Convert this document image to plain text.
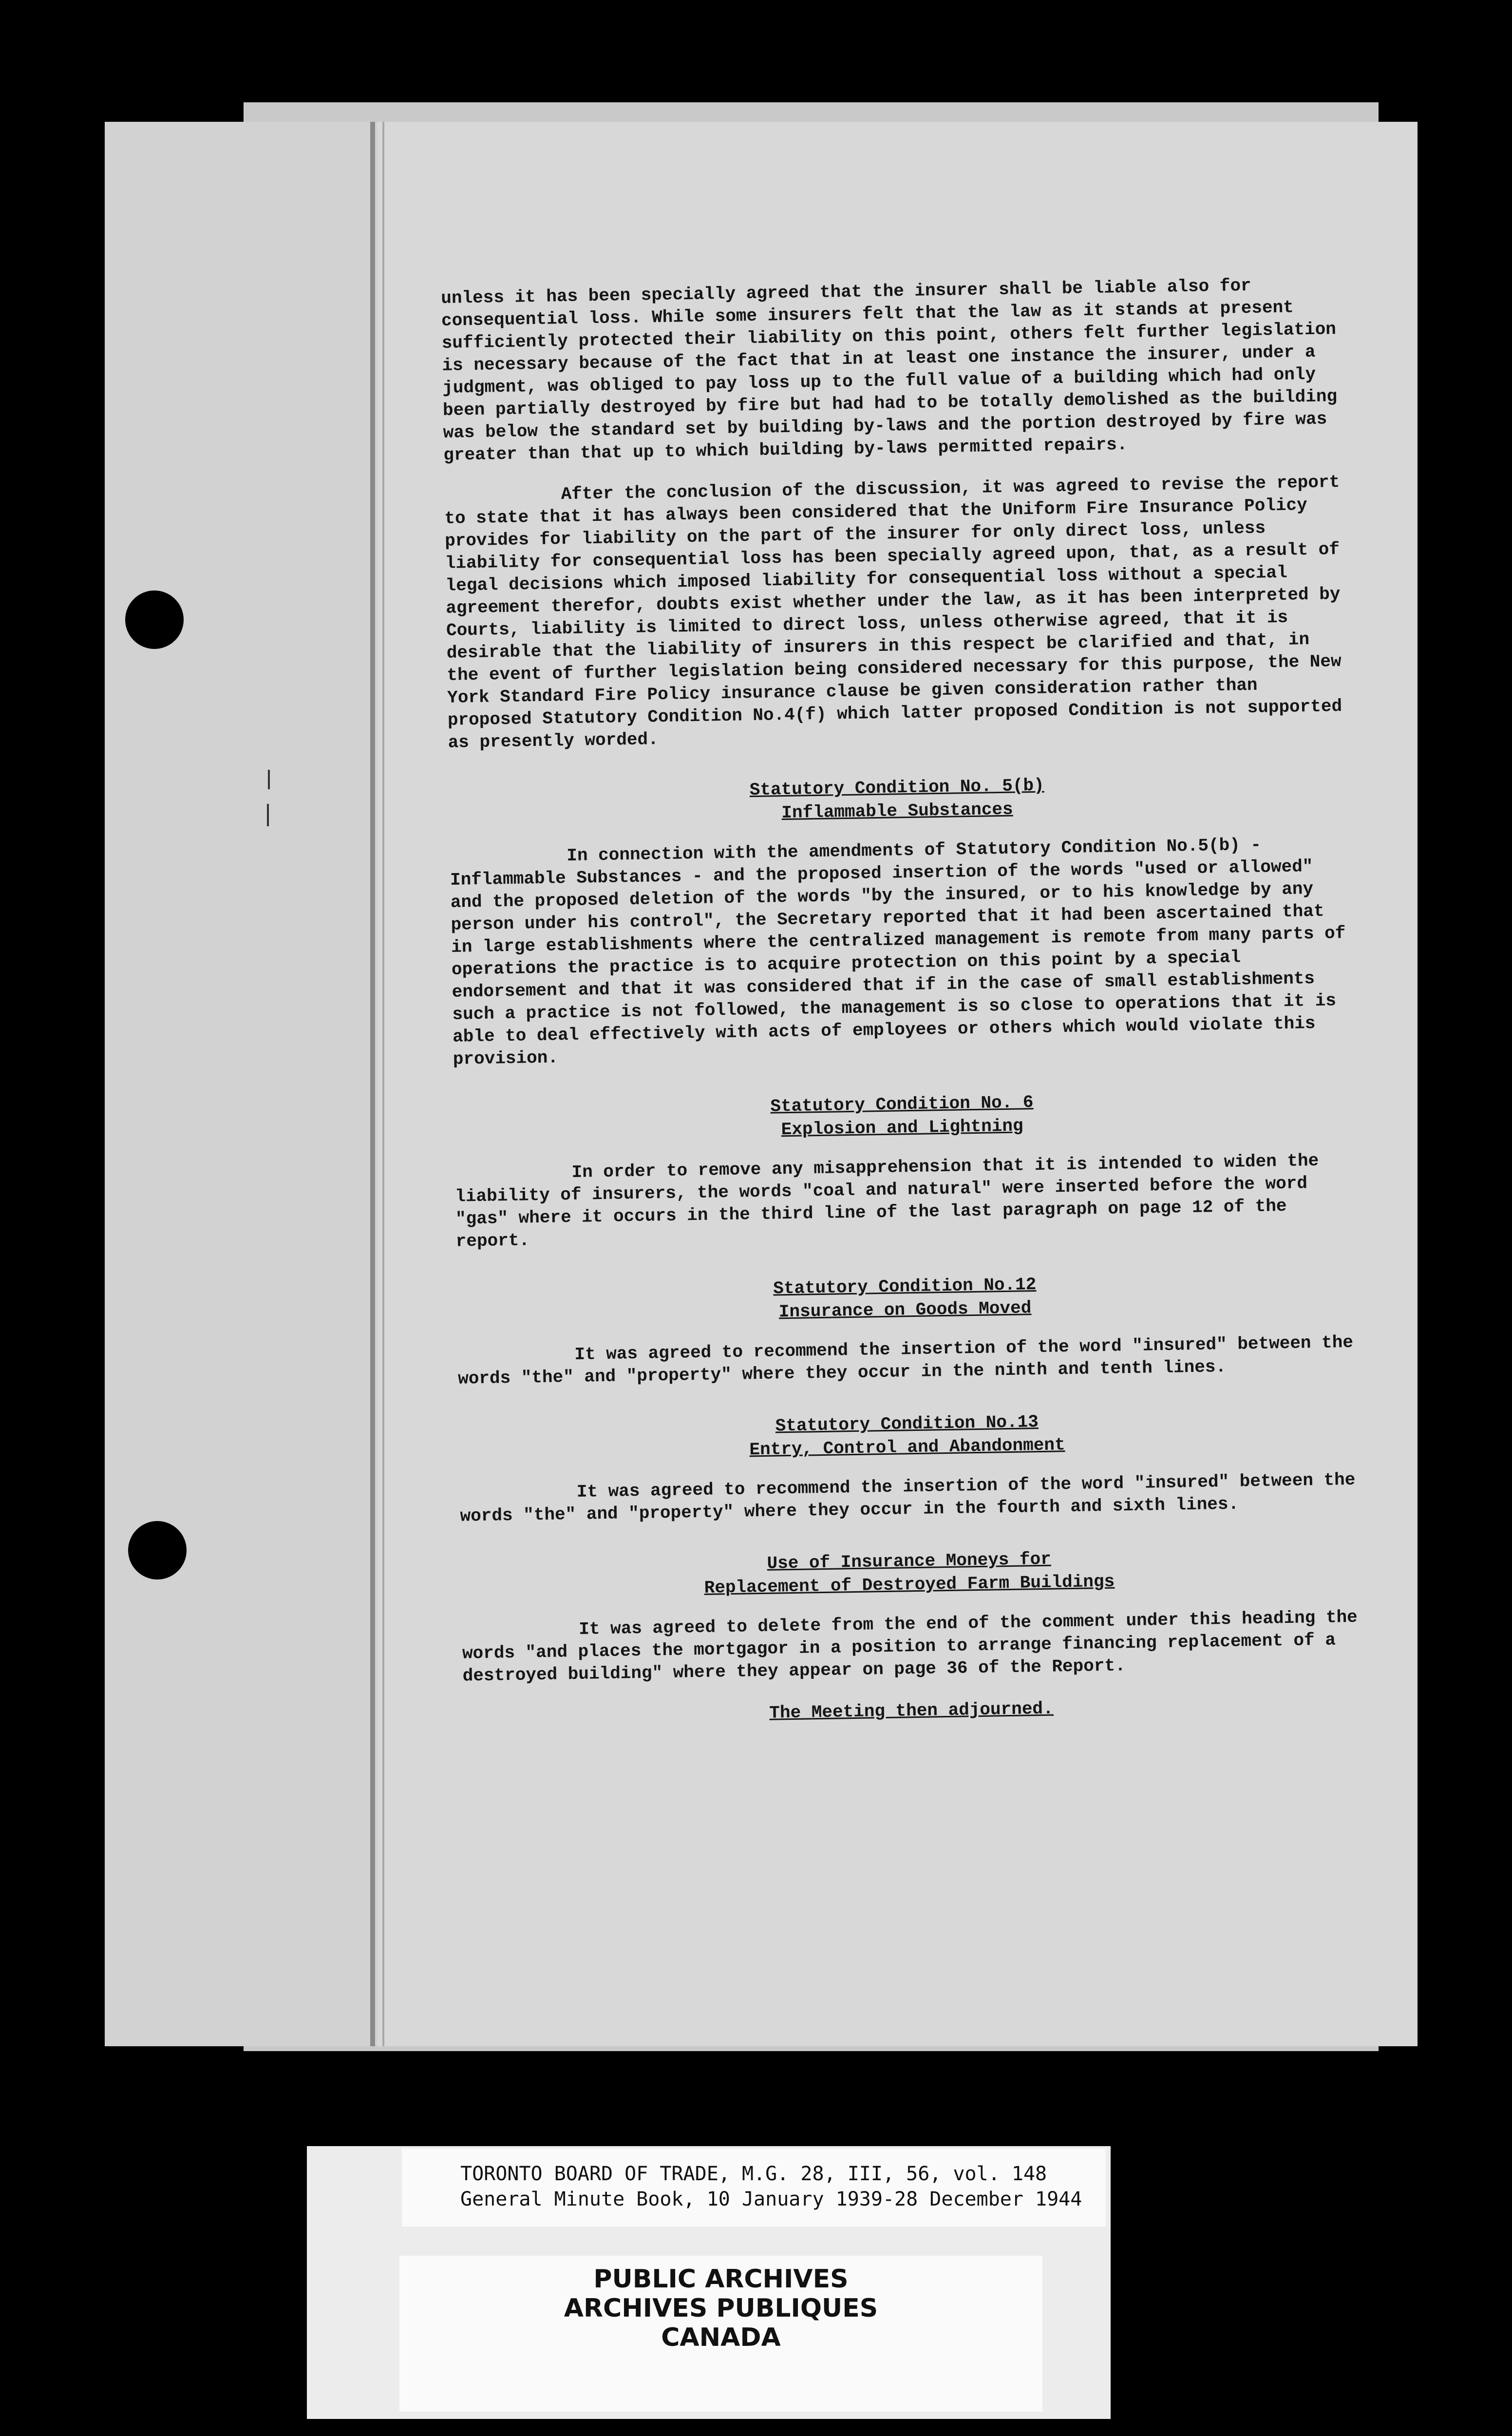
unless it has been specially agreed that the insurer shall be liable also for consequential loss. While some insurers felt that the law as it stands at present sufficiently protected their liability on this point, others felt further legislation is necessary because of the fact that in at least one instance the insurer, under a judgment, was obliged to pay loss up to the full value of a building which had only been partially destroyed by fire but had had to be totally demolished as the building was below the standard set by building by-laws and the portion destroyed by fire was greater than that up to which building by-laws permitted repairs.

After the conclusion of the discussion, it was agreed to revise the report to state that it has always been considered that the Uniform Fire Insurance Policy provides for liability on the part of the insurer for only direct loss, unless liability for consequential loss has been specially agreed upon, that, as a result of legal decisions which imposed liability for consequential loss without a special agreement therefor, doubts exist whether under the law, as it has been interpreted by Courts, liability is limited to direct loss, unless otherwise agreed, that it is desirable that the liability of insurers in this respect be clarified and that, in the event of further legislation being considered necessary for this purpose, the New York Standard Fire Policy insurance clause be given consideration rather than proposed Statutory Condition No.4(f) which latter proposed Condition is not supported as presently worded.

Statutory Condition No. 5(b)
Inflammable Substances

In connection with the amendments of Statutory Condition No.5(b) - Inflammable Substances - and the proposed insertion of the words "used or allowed" and the proposed deletion of the words "by the insured, or to his knowledge by any person under his control", the Secretary reported that it had been ascertained that in large establishments where the centralized management is remote from many parts of operations the practice is to acquire protection on this point by a special endorsement and that it was considered that if in the case of small establishments such a practice is not followed, the management is so close to operations that it is able to deal effectively with acts of employees or others which would violate this provision.

Statutory Condition No. 6
Explosion and Lightning

In order to remove any misapprehension that it is intended to widen the liability of insurers, the words "coal and natural" were inserted before the word "gas" where it occurs in the third line of the last paragraph on page 12 of the report.

Statutory Condition No.12
Insurance on Goods Moved

It was agreed to recommend the insertion of the word "insured" between the words "the" and "property" where they occur in the ninth and tenth lines.

Statutory Condition No.13
Entry, Control and Abandonment

It was agreed to recommend the insertion of the word "insured" between the words "the" and "property" where they occur in the fourth and sixth lines.

Use of Insurance Moneys for
Replacement of Destroyed Farm Buildings

It was agreed to delete from the end of the comment under this heading the words "and places the mortgagor in a position to arrange financing replacement of a destroyed building" where they appear on page 36 of the Report.

The Meeting then adjourned.
TORONTO BOARD OF TRADE, M.G. 28, III, 56, vol. 148
General Minute Book, 10 January 1939-28 December 1944
PUBLIC ARCHIVES
ARCHIVES PUBLIQUES
CANADA
